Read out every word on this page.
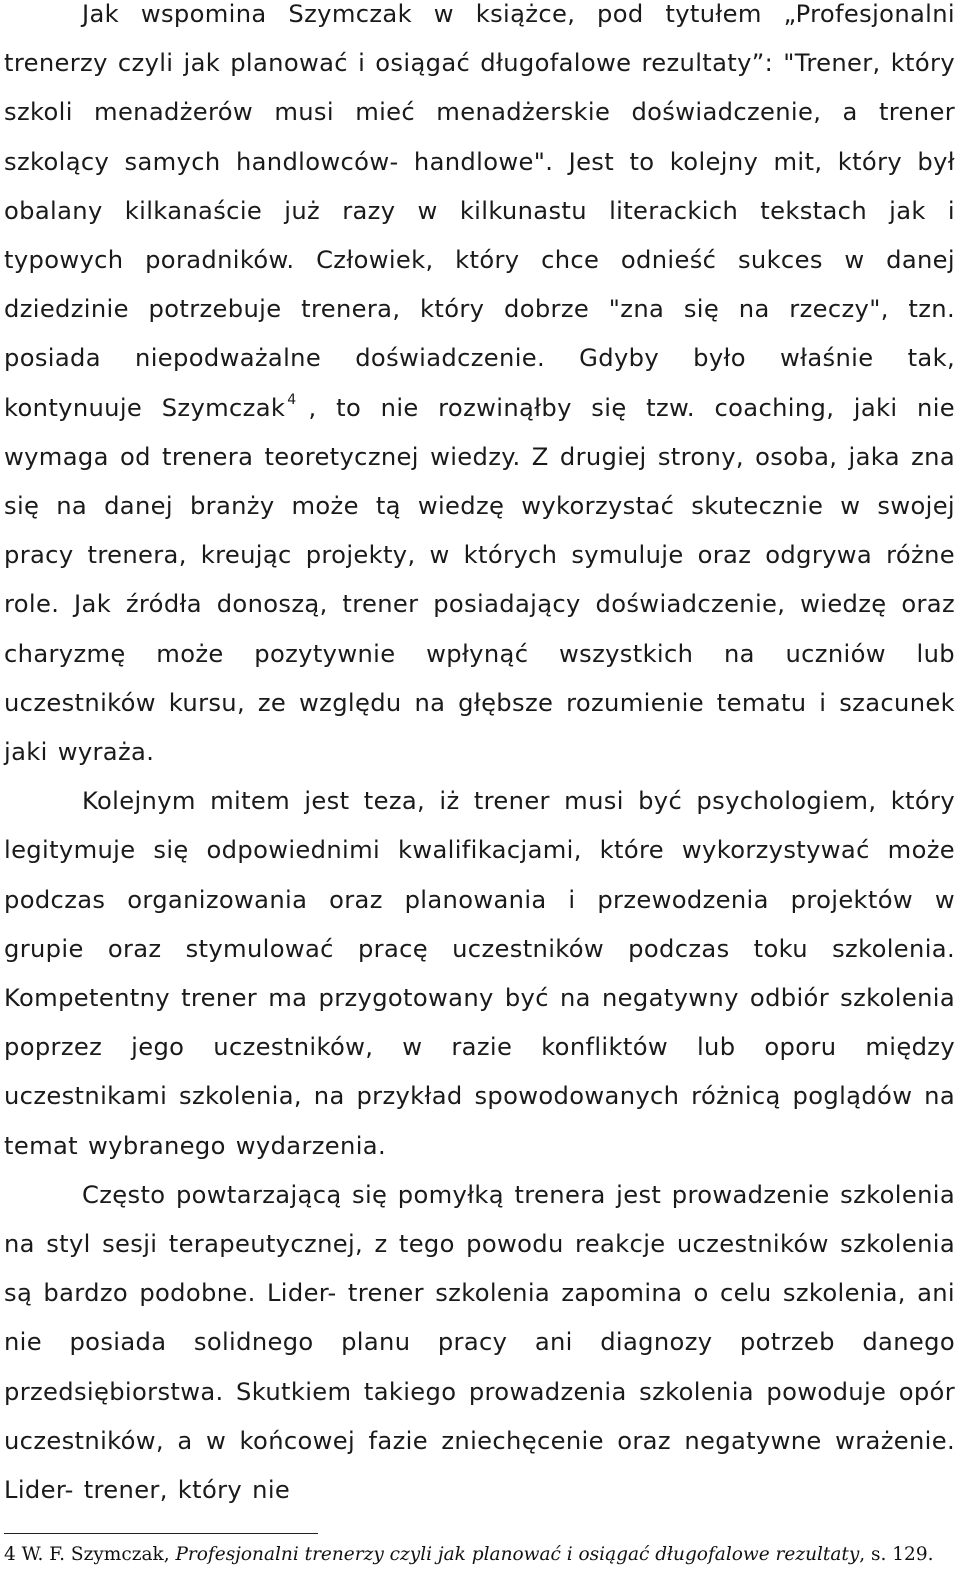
Jak wspomina Szymczak w książce, pod tytułem „Profesjonalni trenerzy czyli jak planować i osiągać długofalowe rezultaty”: "Trener, który szkoli menadżerów musi mieć menadżerskie doświadczenie, a trener szkolący samych handlowców- handlowe". Jest to kolejny mit, który był obalany kilkanaście już razy w kilkunastu literackich tekstach jak i typowych poradników. Człowiek, który chce odnieść sukces w danej dziedzinie potrzebuje trenera, który dobrze "zna się na rzeczy", tzn. posiada niepodważalne doświadczenie. Gdyby było właśnie tak, kontynuuje Szymczak $^4$ , to nie rozwinąłby się tzw. coaching, jaki nie wymaga od trenera teoretycznej wiedzy. Z drugiej strony, osoba, jaka zna się na danej branży może tą wiedzę wykorzystać skutecznie w swojej pracy trenera, kreując projekty, w których symuluje oraz odgrywa różne role. Jak źródła donoszą, trener posiadający doświadczenie, wiedzę oraz charyzmę może pozytywnie wpłynąć wszystkich na uczniów lub uczestników kursu, ze względu na głębsze rozumienie tematu i szacunek jaki wyraża.

Kolejnym mitem jest teza, iż trener musi być psychologiem, który legitymuje się odpowiednimi kwalifikacjami, które wykorzystywać może podczas organizowania oraz planowania i przewodzenia projektów w grupie oraz stymulować pracę uczestników podczas toku szkolenia. Kompetentny trener ma przygotowany być na negatywny odbiór szkolenia poprzez jego uczestników, w razie konfliktów lub oporu między uczestnikami szkolenia, na przykład spowodowanych różnicą poglądów na temat wybranego wydarzenia.

Często powtarzającą się pomyłką trenera jest prowadzenie szkolenia na styl sesji terapeutycznej, z tego powodu reakcje uczestników szkolenia są bardzo podobne. Lider- trener szkolenia zapomina o celu szkolenia, ani nie posiada solidnego planu pracy ani diagnozy potrzeb danego przedsiębiorstwa. Skutkiem takiego prowadzenia szkolenia powoduje opór uczestników, a w końcowej fazie zniechęcenie oraz negatywne wrażenie. Lider- trener, który nie

4 W. F. Szymczak, Profesjonalni trenerzy czyli jak planować i osiągać długofalowe rezultaty, s. 129.
